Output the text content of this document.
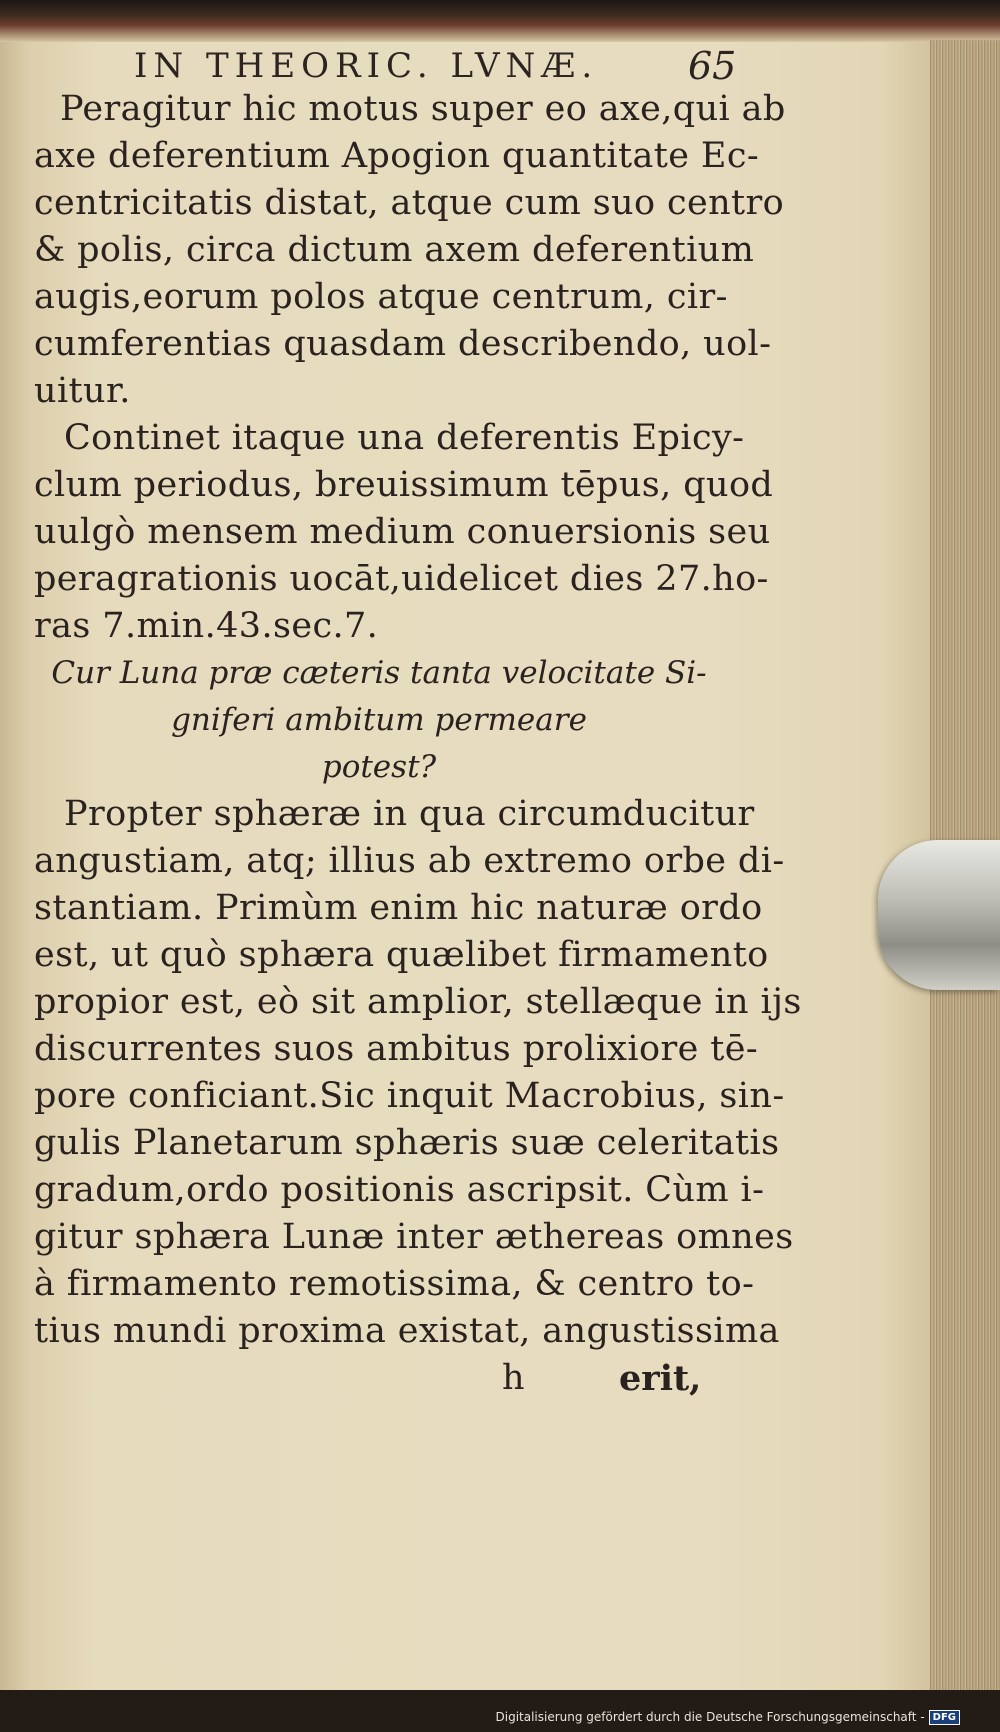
IN THEORIC. LVNÆ. 65
Peragitur hic motus super eo axe,qui ab
axe deferentium Apogion quantitate Ec-
centricitatis distat, atque cum suo centro
& polis, circa dictum axem deferentium
augis,eorum polos atque centrum, cir-
cumferentias quasdam describendo, uol-
uitur.
Continet itaque una deferentis Epicy-
clum periodus, breuissimum tēpus, quod
uulgò mensem medium conuersionis seu
peragrationis uocāt,uidelicet dies 27.ho-
ras 7.min.43.sec.7.
Cur Luna præ cæteris tanta velocitate Si-
gniferi ambitum permeare
potest?
Propter sphæræ in qua circumducitur
angustiam, atq; illius ab extremo orbe di-
stantiam. Primùm enim hic naturæ ordo
est, ut quò sphæra quælibet firmamento
propior est, eò sit amplior, stellæque in ijs
discurrentes suos ambitus prolixiore tē-
pore conficiant.Sic inquit Macrobius, sin-
gulis Planetarum sphæris suæ celeritatis
gradum,ordo positionis ascripsit. Cùm i-
gitur sphæra Lunæ inter æthereas omnes
à firmamento remotissima, & centro to-
tius mundi proxima existat, angustissima
h	erit,
Digitalisierung gefördert durch die Deutsche Forschungsgemeinschaft - DFG
